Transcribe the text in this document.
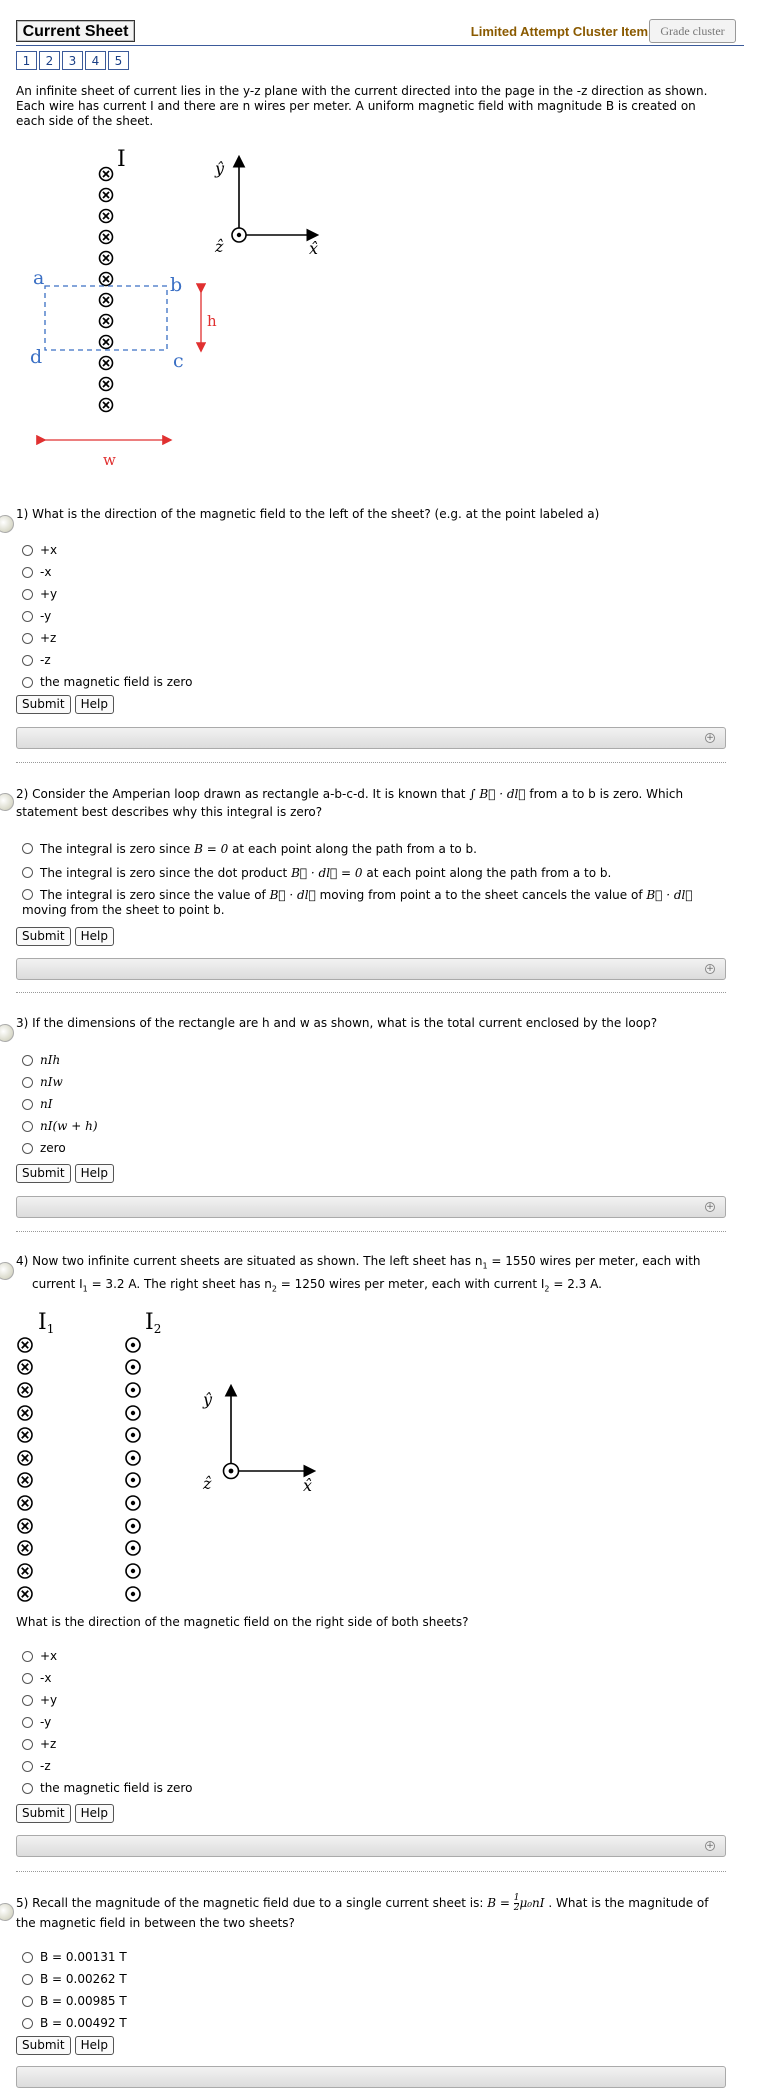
Current Sheet	Limited Attempt Cluster Item	Grade cluster
1	2	3	4	5
An infinite sheet of current lies in the y-z plane with the current directed into the page in the -z direction as shown. Each wire has current I and there are n wires per meter. A uniform magnetic field with magnitude B is created on each side of the sheet.
I
a	b
c
d
h
w
ŷ
ẑ	x̂
1) What is the direction of the magnetic field to the left of the sheet? (e.g. at the point labeled a)
+x
-x
+y
-y
+z
-z
the magnetic field is zero
Submit	Help
+
2) Consider the Amperian loop drawn as rectangle a-b-c-d. It is known that ∫ B⃗ · dl⃗ from a to b is zero. Which statement best describes why this integral is zero?
The integral is zero since B = 0 at each point along the path from a to b.
The integral is zero since the dot product B⃗ · dl⃗ = 0 at each point along the path from a to b.
The integral is zero since the value of B⃗ · dl⃗ moving from point a to the sheet cancels the value of B⃗ · dl⃗ moving from the sheet to point b.
Submit	Help
+
3) If the dimensions of the rectangle are h and w as shown, what is the total current enclosed by the loop?
nIh
nIw
nI
nI(w + h)
zero
Submit	Help
+
4) Now two infinite current sheets are situated as shown. The left sheet has $n_1 = 1550$ wires per meter, each with
current $I_1 = 3.2$ A. The right sheet has $n_2 = 1250$ wires per meter, each with current $I_2 = 2.3$ A.
I1	I2
ŷ
ẑ	x̂
What is the direction of the magnetic field on the right side of both sheets?
+x
-x
+y
-y
+z
-z
the magnetic field is zero
Submit	Help
+
5) Recall the magnitude of the magnetic field due to a single current sheet is: $B = \frac{1}{2} \mu_0nI$ . What is the magnitude of
the magnetic field in between the two sheets?
B = 0.00131 T
B = 0.00262 T
B = 0.00985 T
B = 0.00492 T
Submit	Help
